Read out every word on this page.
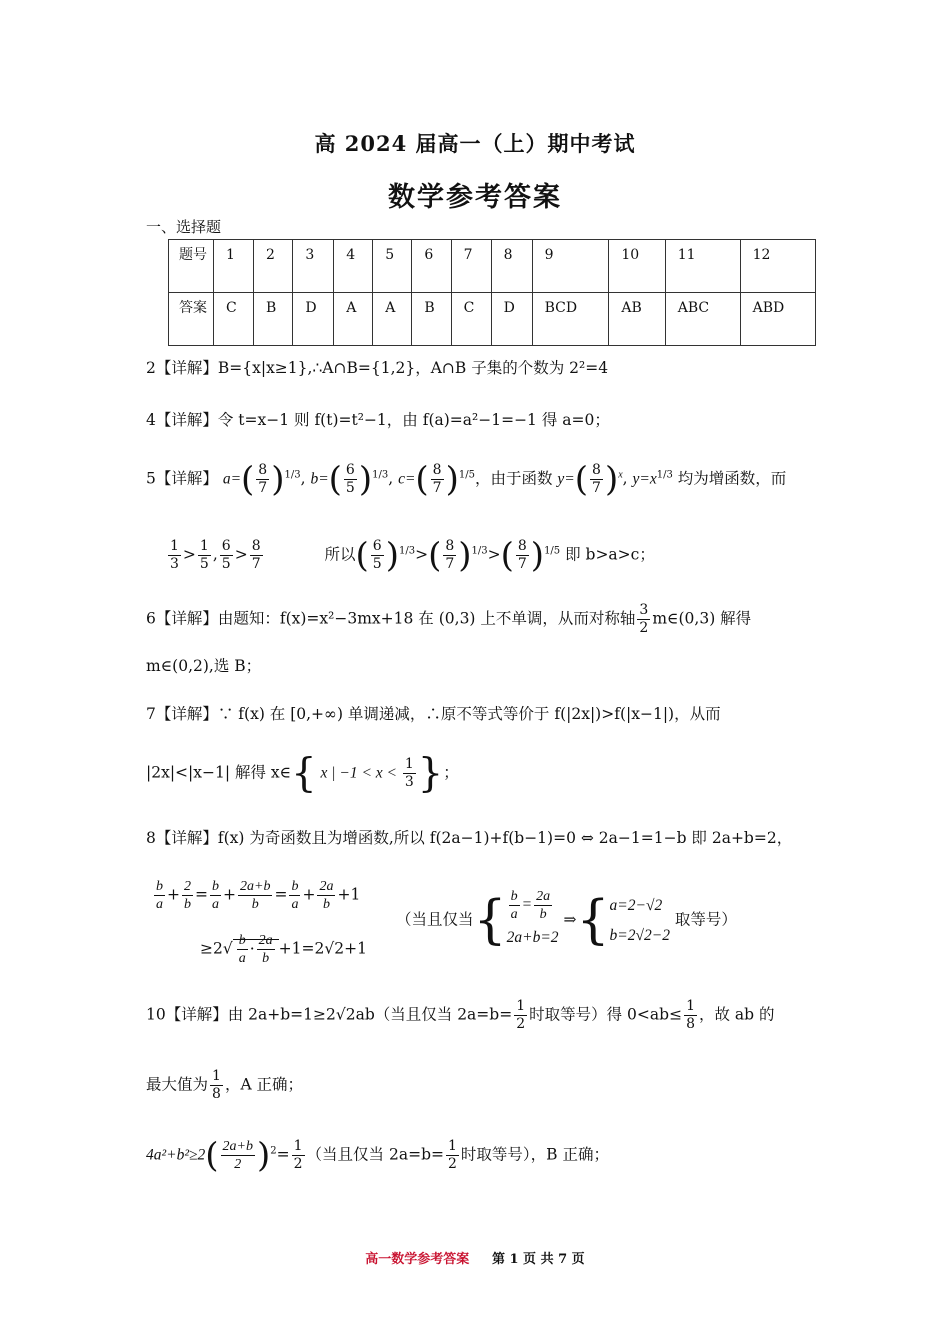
高 2024 届高一（上）期中考试
数学参考答案
一、选择题
题号	1	2	3	4	5	6	7	8	9	10	11	12
答案	C	B	D	A	A	B	C	D	BCD	AB	ABC	ABD
2【详解】B={x|x≥1},∴A∩B={1,2}，A∩B 子集的个数为 2²=4
4【详解】令 t=x−1 则 f(t)=t²−1，由 f(a)=a²−1=−1 得 a=0；
5【详解】 $a=( \frac{8}{7} )^{1/3}$, $b=( \frac{6}{5} )^{1/3}$, $c=( \frac{8}{7} )^{1/5}$，由于函数 $y=( \frac{8}{7} )^x$, $y=x^{1/3}$ 均为增函数，而
$\frac{1}{3} > \frac{1}{5}$ , $\frac{6}{5} > \frac{8}{7}$	所以( $\frac{6}{5} )^{1/3}>( \frac{8}{7} )^{1/3}>( \frac{8}{7} )^{1/5}$ 即 b>a>c；
6【详解】由题知：f(x)=x²−3mx+18 在 (0,3) 上不单调，从而对称轴 $\frac{3}{2}$ m∈(0,3) 解得
m∈(0,2),选 B；
7【详解】∵ f(x) 在 [0,+∞) 单调递减，∴原不等式等价于 f(|2x|)>f(|x−1|)，从而
|2x|<|x−1| 解得 x∈{ x | $-1 < x < \frac{1}{3}$ }；
8【详解】f(x) 为奇函数且为增函数,所以 f(2a−1)+f(b−1)=0 ⇔ 2a−1=1−b 即 2a+b=2，
$\frac{b}{a} + \frac{2}{b} = \frac{b}{a} + \frac{2a+b}{b} = \frac{b}{a} + \frac{2a}{b} +1$
$\ge 2√ \frac{b}{a} \cdot \frac{2a}{b} +1=2√2+1$
（当且仅当{ $\frac{b}{a} = \frac{2a}{b}$

2a+b=2 ⇒{a=2−√2
b=2√2−2 取等号）
10【详解】由 2a+b=1≥2√2ab（当且仅当 $2a=b= \frac{1}{2}$ 时取等号）得 $0<ab\le \frac{1}{8}$ ，故 ab 的
最大值为 $\frac{1}{8}$ ，A 正确；
$4a^2+b^2\ge 2( \frac{2a+b}{2} )^2= \frac{1}{2}$ （当且仅当 $2a=b= \frac{1}{2}$ 时取等号），B 正确；
高一数学参考答案 第 1 页 共 7 页
